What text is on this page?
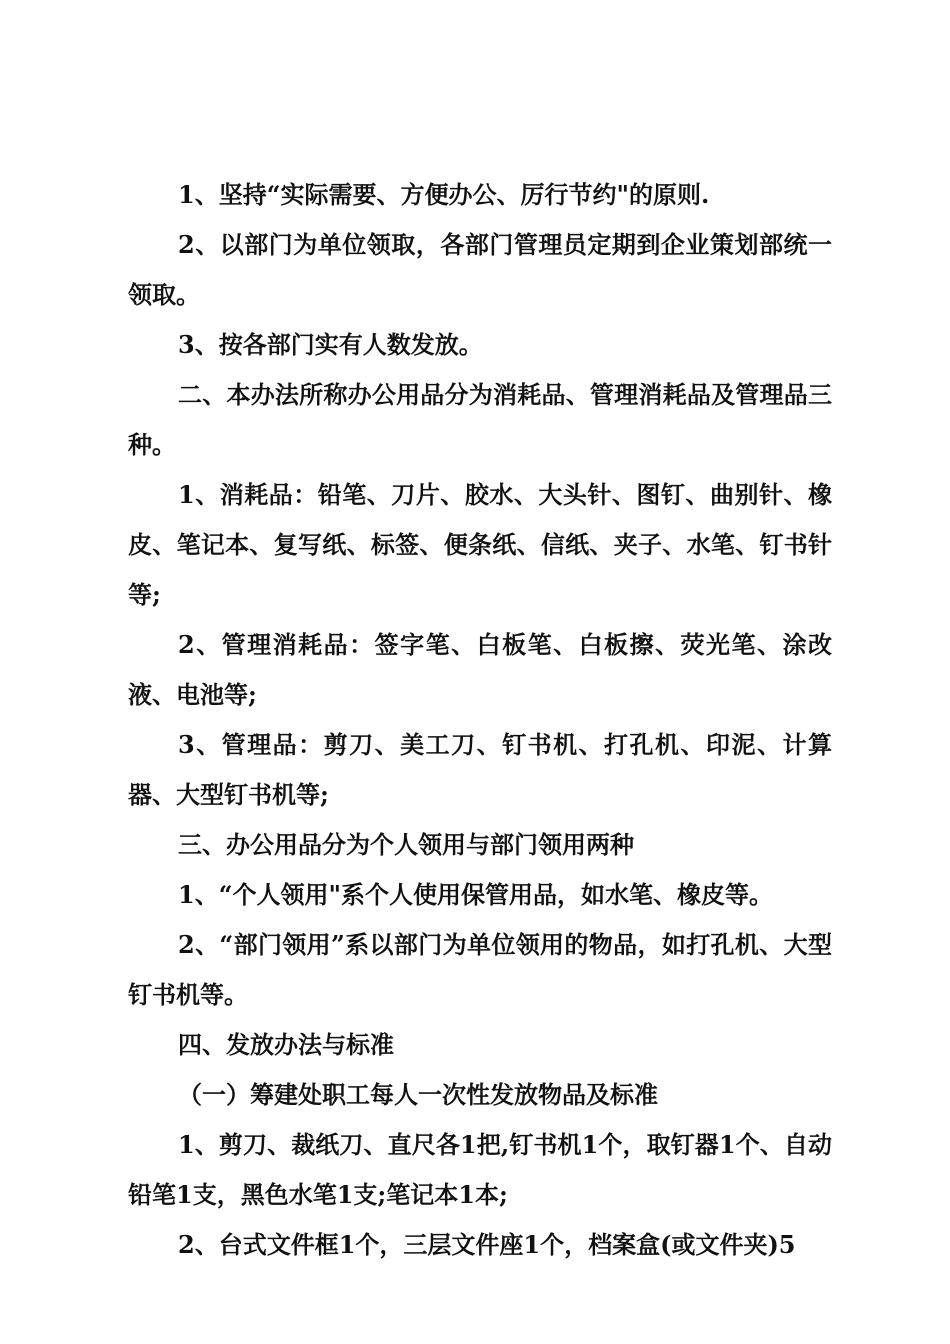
1、坚持“实际需要、方便办公、厉行节约"的原则.

2、以部门为单位领取，各部门管理员定期到企业策划部统一领取。

3、按各部门实有人数发放。

二、本办法所称办公用品分为消耗品、管理消耗品及管理品三种。

1、消耗品：铅笔、刀片、胶水、大头针、图钉、曲别针、橡皮、笔记本、复写纸、标签、便条纸、信纸、夹子、水笔、钉书针等;

2、管理消耗品：签字笔、白板笔、白板擦、荧光笔、涂改液、电池等;

3、管理品：剪刀、美工刀、钉书机、打孔机、印泥、计算器、大型钉书机等;

三、办公用品分为个人领用与部门领用两种

1、“个人领用"系个人使用保管用品，如水笔、橡皮等。

2、“部门领用”系以部门为单位领用的物品，如打孔机、大型钉书机等。

四、发放办法与标准

（一）筹建处职工每人一次性发放物品及标准

1、剪刀、裁纸刀、直尺各1把,钉书机1个，取钉器1个、自动铅笔1支，黑色水笔1支;笔记本1本;

2、台式文件框1个，三层文件座1个，档案盒(或文件夹)5
